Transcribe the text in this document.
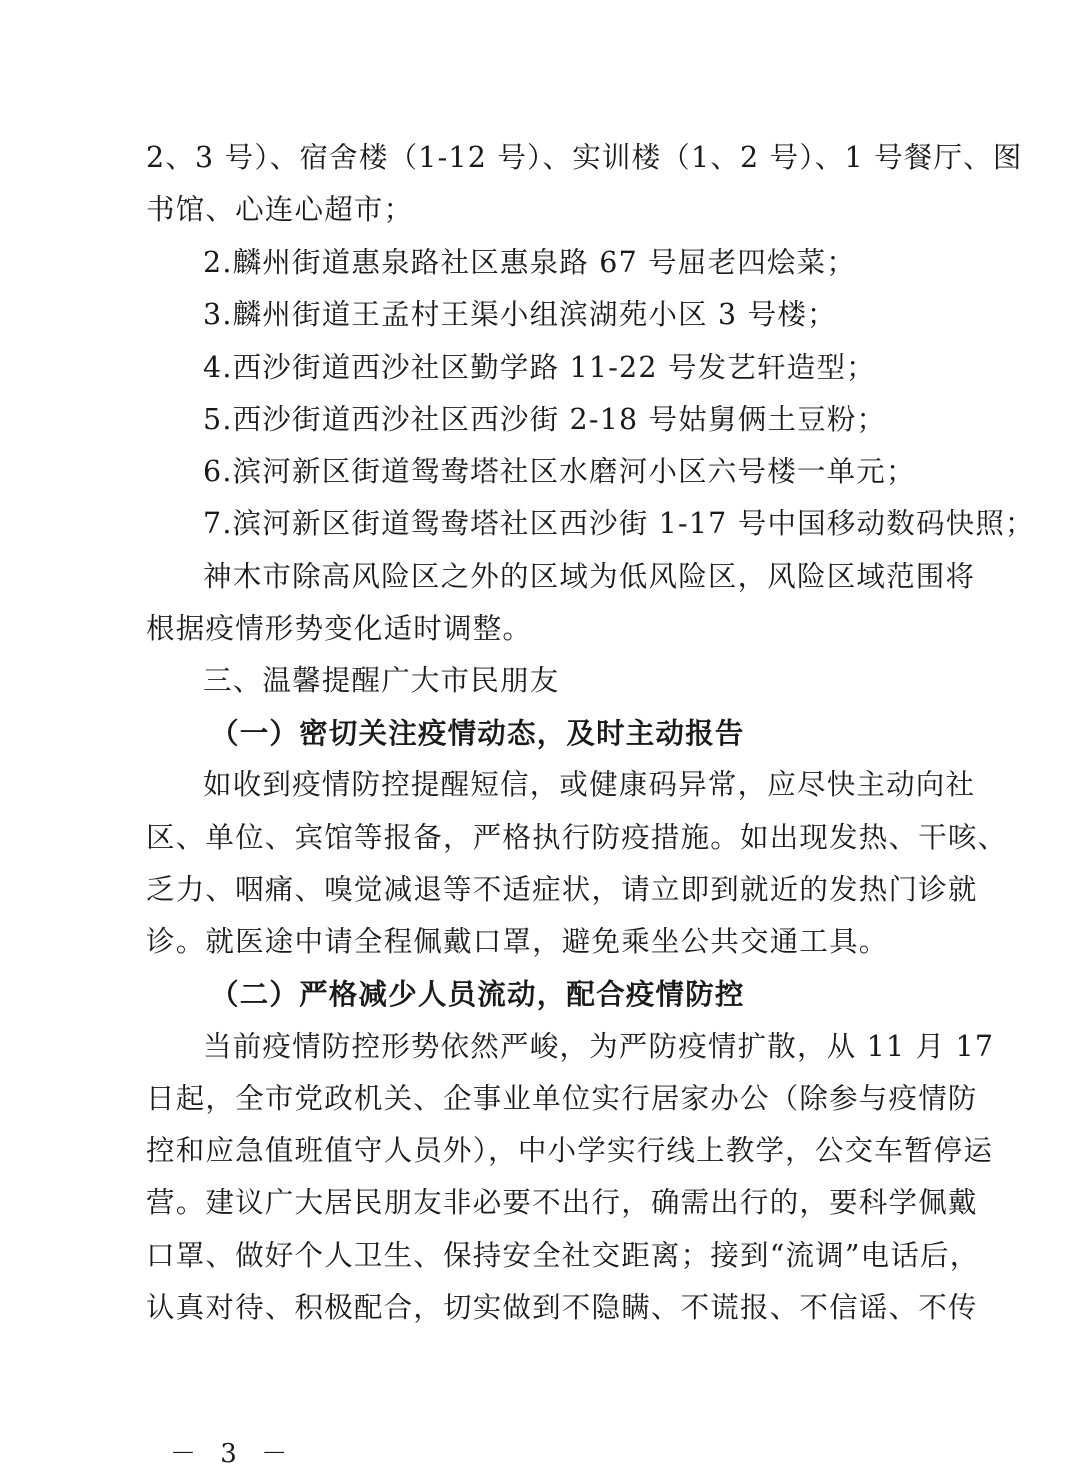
2、3 号）、宿舍楼（1-12 号）、实训楼（1、2 号）、1 号餐厅、图
书馆、心连心超市；
2.麟州街道惠泉路社区惠泉路 67 号屈老四烩菜；
3.麟州街道王孟村王渠小组滨湖苑小区 3 号楼；
4.西沙街道西沙社区勤学路 11-22 号发艺轩造型；
5.西沙街道西沙社区西沙街 2-18 号姑舅俩土豆粉；
6.滨河新区街道鸳鸯塔社区水磨河小区六号楼一单元；
7.滨河新区街道鸳鸯塔社区西沙街 1-17 号中国移动数码快照；
神木市除高风险区之外的区域为低风险区，风险区域范围将
根据疫情形势变化适时调整。
三、温馨提醒广大市民朋友
（一）密切关注疫情动态，及时主动报告
如收到疫情防控提醒短信，或健康码异常，应尽快主动向社
区、单位、宾馆等报备，严格执行防疫措施。如出现发热、干咳、
乏力、咽痛、嗅觉减退等不适症状，请立即到就近的发热门诊就
诊。就医途中请全程佩戴口罩，避免乘坐公共交通工具。
（二）严格减少人员流动，配合疫情防控
当前疫情防控形势依然严峻，为严防疫情扩散，从 11 月 17
日起，全市党政机关、企事业单位实行居家办公（除参与疫情防
控和应急值班值守人员外），中小学实行线上教学，公交车暂停运
营。建议广大居民朋友非必要不出行，确需出行的，要科学佩戴
口罩、做好个人卫生、保持安全社交距离；接到“流调”电话后，
认真对待、积极配合，切实做到不隐瞒、不谎报、不信谣、不传
－ 3 －
